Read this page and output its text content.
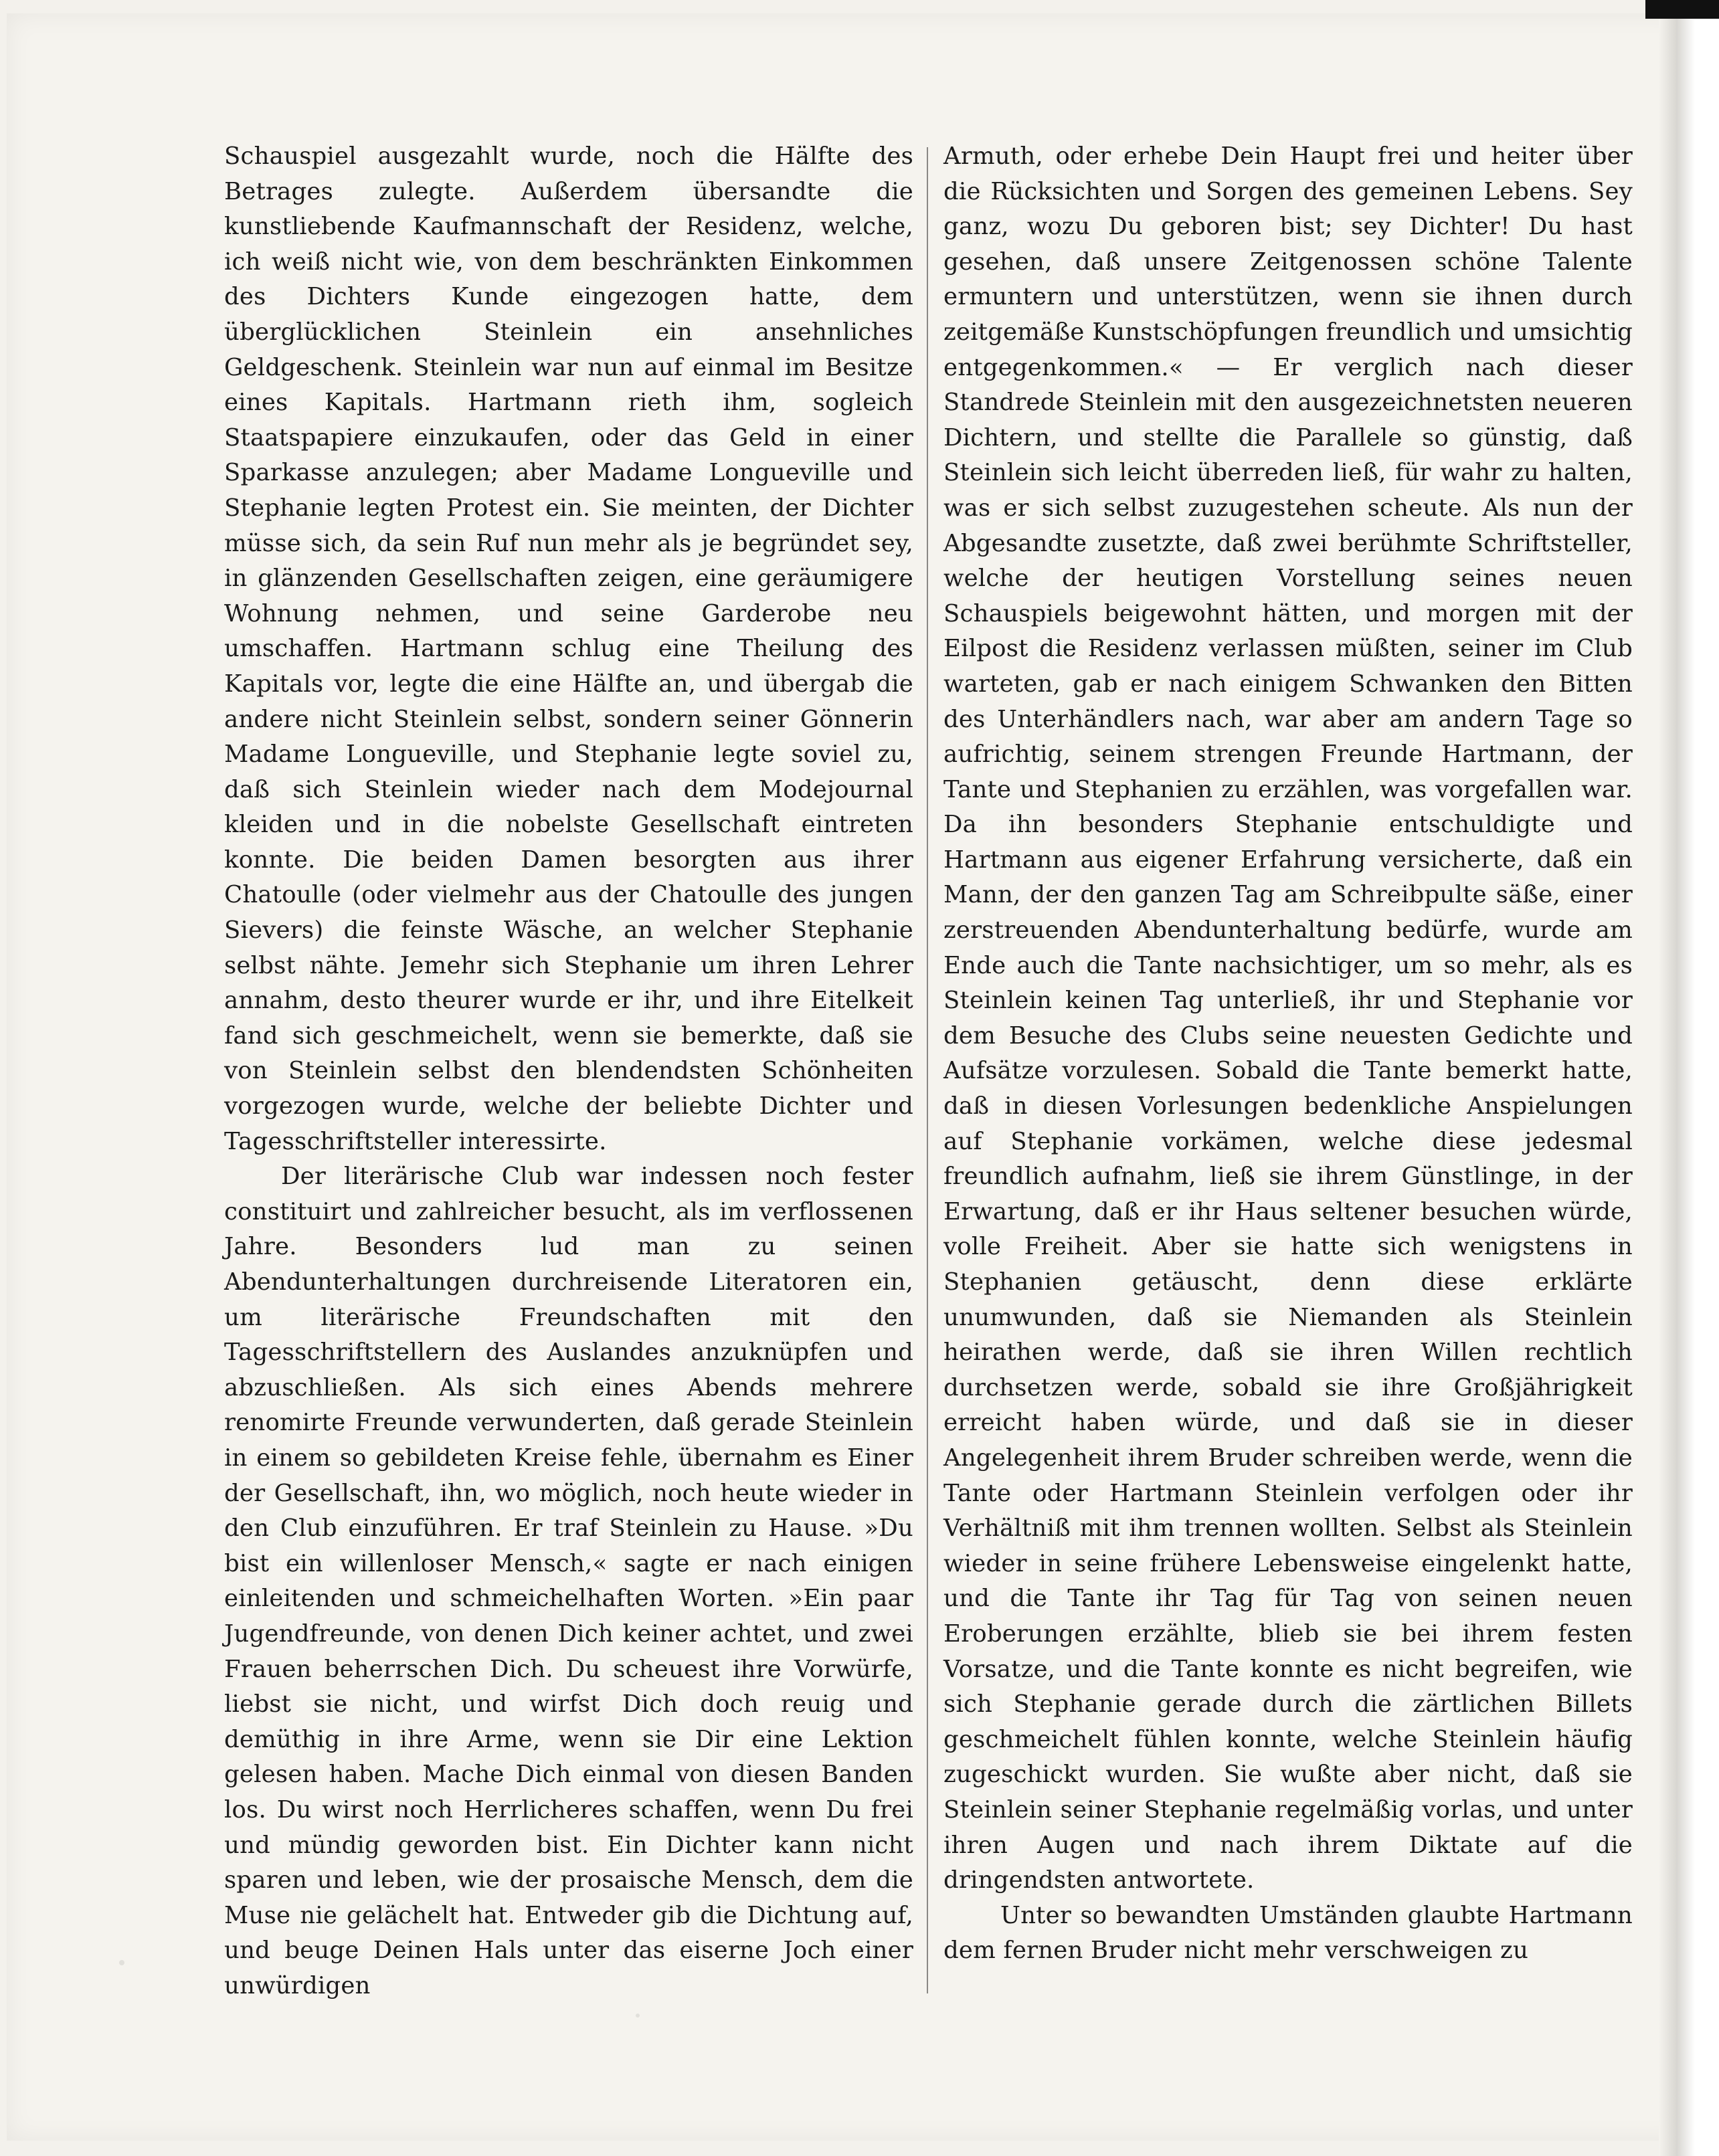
Schauspiel ausgezahlt wurde, noch die Hälfte des Betrages zulegte. Außerdem übersandte die kunstliebende Kaufmannschaft der Residenz, welche, ich weiß nicht wie, von dem beschränkten Einkommen des Dichters Kunde eingezogen hatte, dem überglücklichen Steinlein ein ansehnliches Geldgeschenk. Steinlein war nun auf einmal im Besitze eines Kapitals. Hartmann rieth ihm, sogleich Staatspapiere einzukaufen, oder das Geld in einer Sparkasse anzulegen; aber Madame Longueville und Stephanie legten Protest ein. Sie meinten, der Dichter müsse sich, da sein Ruf nun mehr als je begründet sey, in glänzenden Gesellschaften zeigen, eine geräumigere Wohnung nehmen, und seine Garderobe neu umschaffen. Hartmann schlug eine Theilung des Kapitals vor, legte die eine Hälfte an, und übergab die andere nicht Steinlein selbst, sondern seiner Gönnerin Madame Longueville, und Stephanie legte soviel zu, daß sich Steinlein wieder nach dem Modejournal kleiden und in die nobelste Gesellschaft eintreten konnte. Die beiden Damen besorgten aus ihrer Chatoulle (oder vielmehr aus der Chatoulle des jungen Sievers) die feinste Wäsche, an welcher Stephanie selbst nähte. Jemehr sich Stephanie um ihren Lehrer annahm, desto theurer wurde er ihr, und ihre Eitelkeit fand sich geschmeichelt, wenn sie bemerkte, daß sie von Steinlein selbst den blendendsten Schönheiten vorgezogen wurde, welche der beliebte Dichter und Tagesschriftsteller interessirte.

Der literärische Club war indessen noch fester constituirt und zahlreicher besucht, als im verflossenen Jahre. Besonders lud man zu seinen Abendunterhaltungen durchreisende Literatoren ein, um literärische Freundschaften mit den Tagesschriftstellern des Auslandes anzuknüpfen und abzuschließen. Als sich eines Abends mehrere renomirte Freunde verwunderten, daß gerade Steinlein in einem so gebildeten Kreise fehle, übernahm es Einer der Gesellschaft, ihn, wo möglich, noch heute wieder in den Club einzuführen. Er traf Steinlein zu Hause. »Du bist ein willenloser Mensch,« sagte er nach einigen einleitenden und schmeichelhaften Worten. »Ein paar Jugendfreunde, von denen Dich keiner achtet, und zwei Frauen beherrschen Dich. Du scheuest ihre Vorwürfe, liebst sie nicht, und wirfst Dich doch reuig und demüthig in ihre Arme, wenn sie Dir eine Lektion gelesen haben. Mache Dich einmal von diesen Banden los. Du wirst noch Herrlicheres schaffen, wenn Du frei und mündig geworden bist. Ein Dichter kann nicht sparen und leben, wie der prosaische Mensch, dem die Muse nie gelächelt hat. Entweder gib die Dichtung auf, und beuge Deinen Hals unter das eiserne Joch einer unwürdigen

Armuth, oder erhebe Dein Haupt frei und heiter über die Rücksichten und Sorgen des gemeinen Lebens. Sey ganz, wozu Du geboren bist; sey Dichter! Du hast gesehen, daß unsere Zeitgenossen schöne Talente ermuntern und unterstützen, wenn sie ihnen durch zeitgemäße Kunstschöpfungen freundlich und umsichtig entgegenkommen.« — Er verglich nach dieser Standrede Steinlein mit den ausgezeichnetsten neueren Dichtern, und stellte die Parallele so günstig, daß Steinlein sich leicht überreden ließ, für wahr zu halten, was er sich selbst zuzugestehen scheute. Als nun der Abgesandte zusetzte, daß zwei berühmte Schriftsteller, welche der heutigen Vorstellung seines neuen Schauspiels beigewohnt hätten, und morgen mit der Eilpost die Residenz verlassen müßten, seiner im Club warteten, gab er nach einigem Schwanken den Bitten des Unterhändlers nach, war aber am andern Tage so aufrichtig, seinem strengen Freunde Hartmann, der Tante und Stephanien zu erzählen, was vorgefallen war. Da ihn besonders Stephanie entschuldigte und Hartmann aus eigener Erfahrung versicherte, daß ein Mann, der den ganzen Tag am Schreibpulte säße, einer zerstreuenden Abendunterhaltung bedürfe, wurde am Ende auch die Tante nachsichtiger, um so mehr, als es Steinlein keinen Tag unterließ, ihr und Stephanie vor dem Besuche des Clubs seine neuesten Gedichte und Aufsätze vorzulesen. Sobald die Tante bemerkt hatte, daß in diesen Vorlesungen bedenkliche Anspielungen auf Stephanie vorkämen, welche diese jedesmal freundlich aufnahm, ließ sie ihrem Günstlinge, in der Erwartung, daß er ihr Haus seltener besuchen würde, volle Freiheit. Aber sie hatte sich wenigstens in Stephanien getäuscht, denn diese erklärte unumwunden, daß sie Niemanden als Steinlein heirathen werde, daß sie ihren Willen rechtlich durchsetzen werde, sobald sie ihre Großjährigkeit erreicht haben würde, und daß sie in dieser Angelegenheit ihrem Bruder schreiben werde, wenn die Tante oder Hartmann Steinlein verfolgen oder ihr Verhältniß mit ihm trennen wollten. Selbst als Steinlein wieder in seine frühere Lebensweise eingelenkt hatte, und die Tante ihr Tag für Tag von seinen neuen Eroberungen erzählte, blieb sie bei ihrem festen Vorsatze, und die Tante konnte es nicht begreifen, wie sich Stephanie gerade durch die zärtlichen Billets geschmeichelt fühlen konnte, welche Steinlein häufig zugeschickt wurden. Sie wußte aber nicht, daß sie Steinlein seiner Stephanie regelmäßig vorlas, und unter ihren Augen und nach ihrem Diktate auf die dringendsten antwortete.

Unter so bewandten Umständen glaubte Hartmann dem fernen Bruder nicht mehr verschweigen zu
